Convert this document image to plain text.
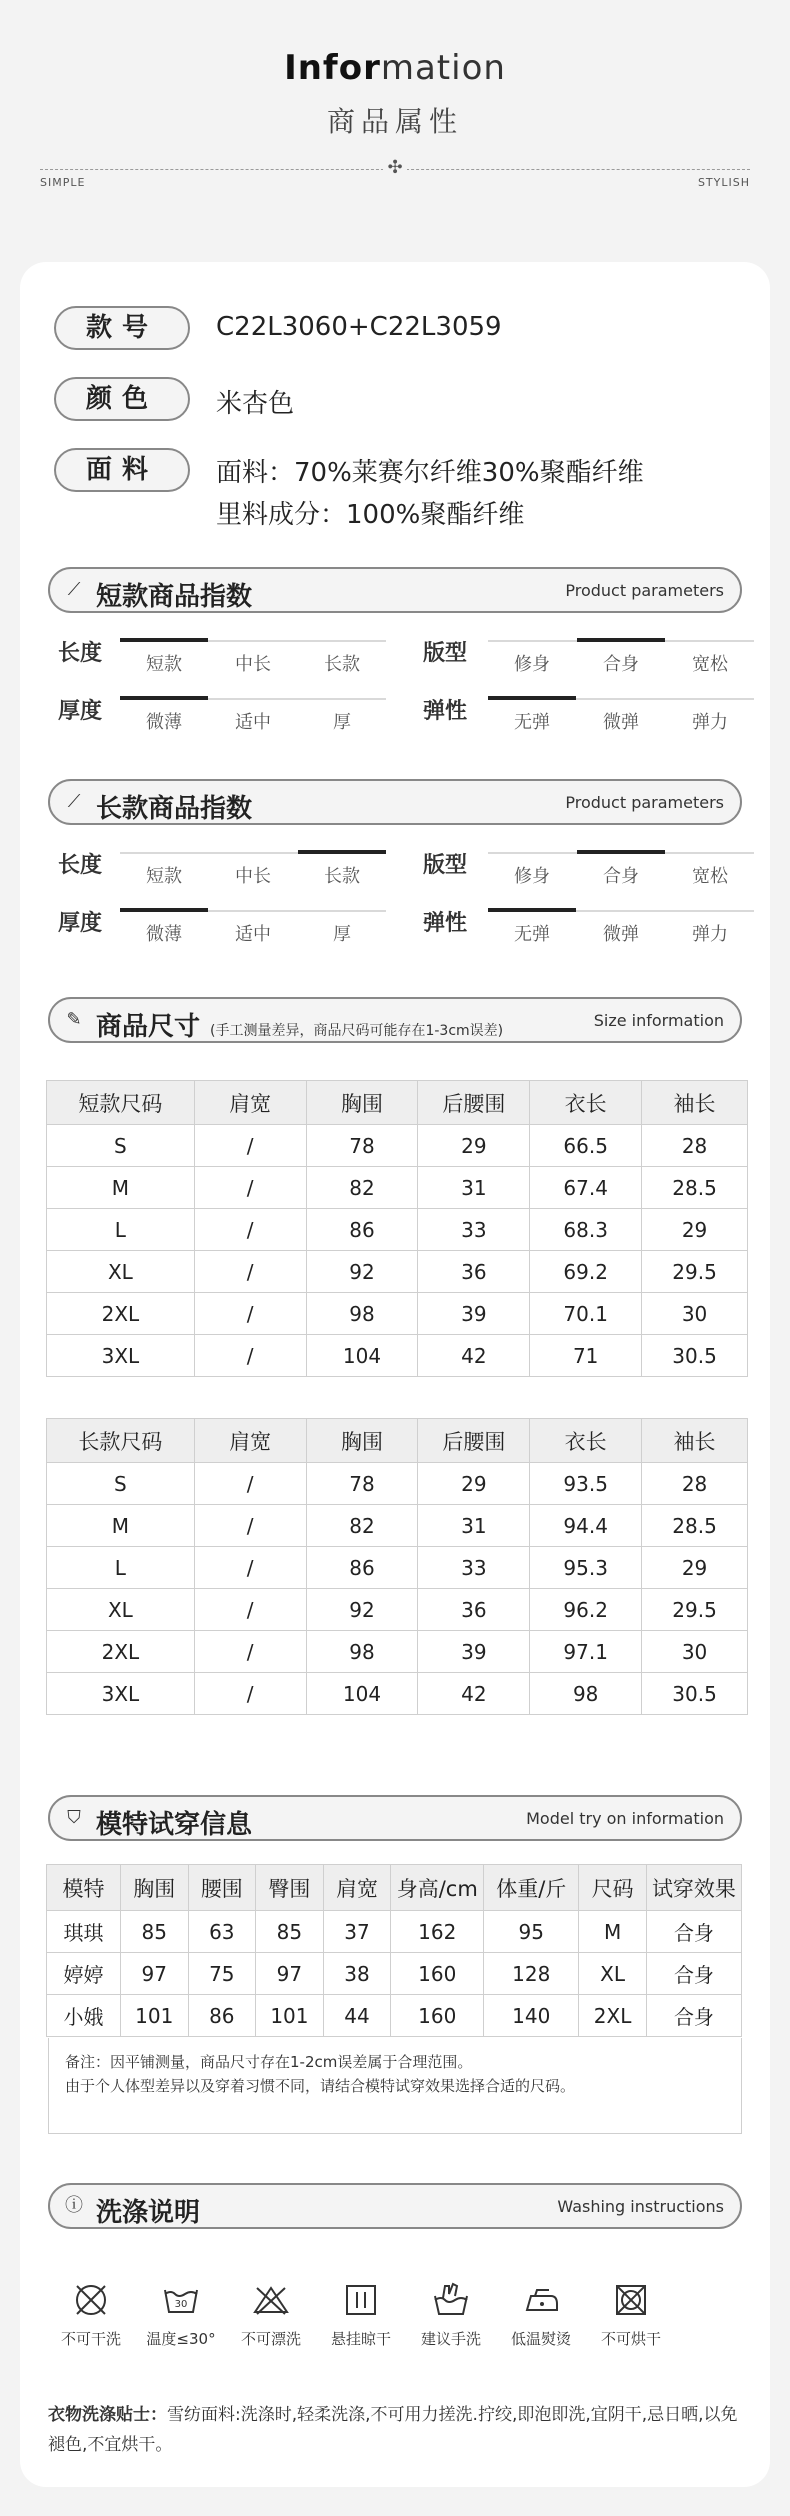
Information
商品属性
✣
SIMPLE	STYLISH
款号	C22L3060+C22L3059
颜色	米杏色
面料	面料：70%莱赛尔纤维30%聚酯纤维
里料成分：100%聚酯纤维
⟋ 短款商品指数	Product parameters
长度	短款	中长	长款	版型	修身	合身	宽松
厚度	微薄	适中	厚	弹性	无弹	微弹	弹力
⟋ 长款商品指数	Product parameters
长度	短款	中长	长款	版型	修身	合身	宽松
厚度	微薄	适中	厚	弹性	无弹	微弹	弹力
✎ 商品尺寸 (手工测量差异，商品尺码可能存在1-3cm误差)
Size information
短款尺码	肩宽	胸围	后腰围	衣长	袖长
S	/	78	29	66.5	28
M	/	82	31	67.4	28.5
L	/	86	33	68.3	29
XL	/	92	36	69.2	29.5
2XL	/	98	39	70.1	30
3XL	/	104	42	71	30.5
长款尺码	肩宽	胸围	后腰围	衣长	袖长
S	/	78	29	93.5	28
M	/	82	31	94.4	28.5
L	/	86	33	95.3	29
XL	/	92	36	96.2	29.5
2XL	/	98	39	97.1	30
3XL	/	104	42	98	30.5
⛉ 模特试穿信息	Model try on information
模特	胸围	腰围	臀围	肩宽	身高/cm	体重/斤	尺码	试穿效果
琪琪	85	63	85	37	162	95	M	合身
婷婷	97	75	97	38	160	128	XL	合身
小娥	101	86	101	44	160	140	2XL	合身
备注：因平铺测量，商品尺寸存在1-2cm误差属于合理范围。
由于个人体型差异以及穿着习惯不同，请结合模特试穿效果选择合适的尺码。
ⓘ 洗涤说明	Washing instructions
不可干洗
30
温度≤30°	不可漂洗	悬挂晾干	建议手洗	低温熨烫	不可烘干
衣物洗涤贴士：雪纺面料:洗涤时,轻柔洗涤,不可用力搓洗.拧绞,即泡即洗,宜阴干,忌日晒,以免褪色,不宜烘干。
